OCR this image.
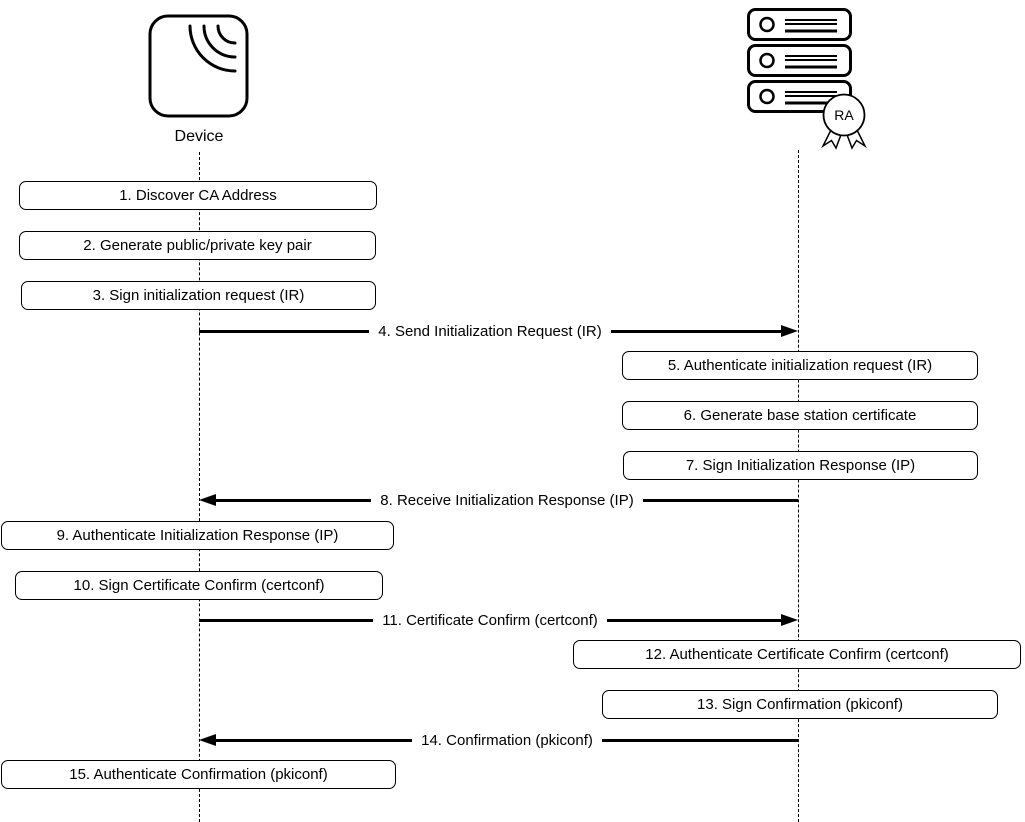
Device
RA
1. Discover CA Address
2. Generate public/private key pair
3. Sign initialization request (IR)
5. Authenticate initialization request (IR)
6. Generate base station certificate
7. Sign Initialization Response (IP)
9. Authenticate Initialization Response (IP)
10. Sign Certificate Confirm (certconf)
12. Authenticate Certificate Confirm (certconf)
13. Sign Confirmation (pkiconf)
15. Authenticate Confirmation (pkiconf)
4. Send Initialization Request (IR)
8. Receive Initialization Response (IP)
11. Certificate Confirm (certconf)
14. Confirmation (pkiconf)
